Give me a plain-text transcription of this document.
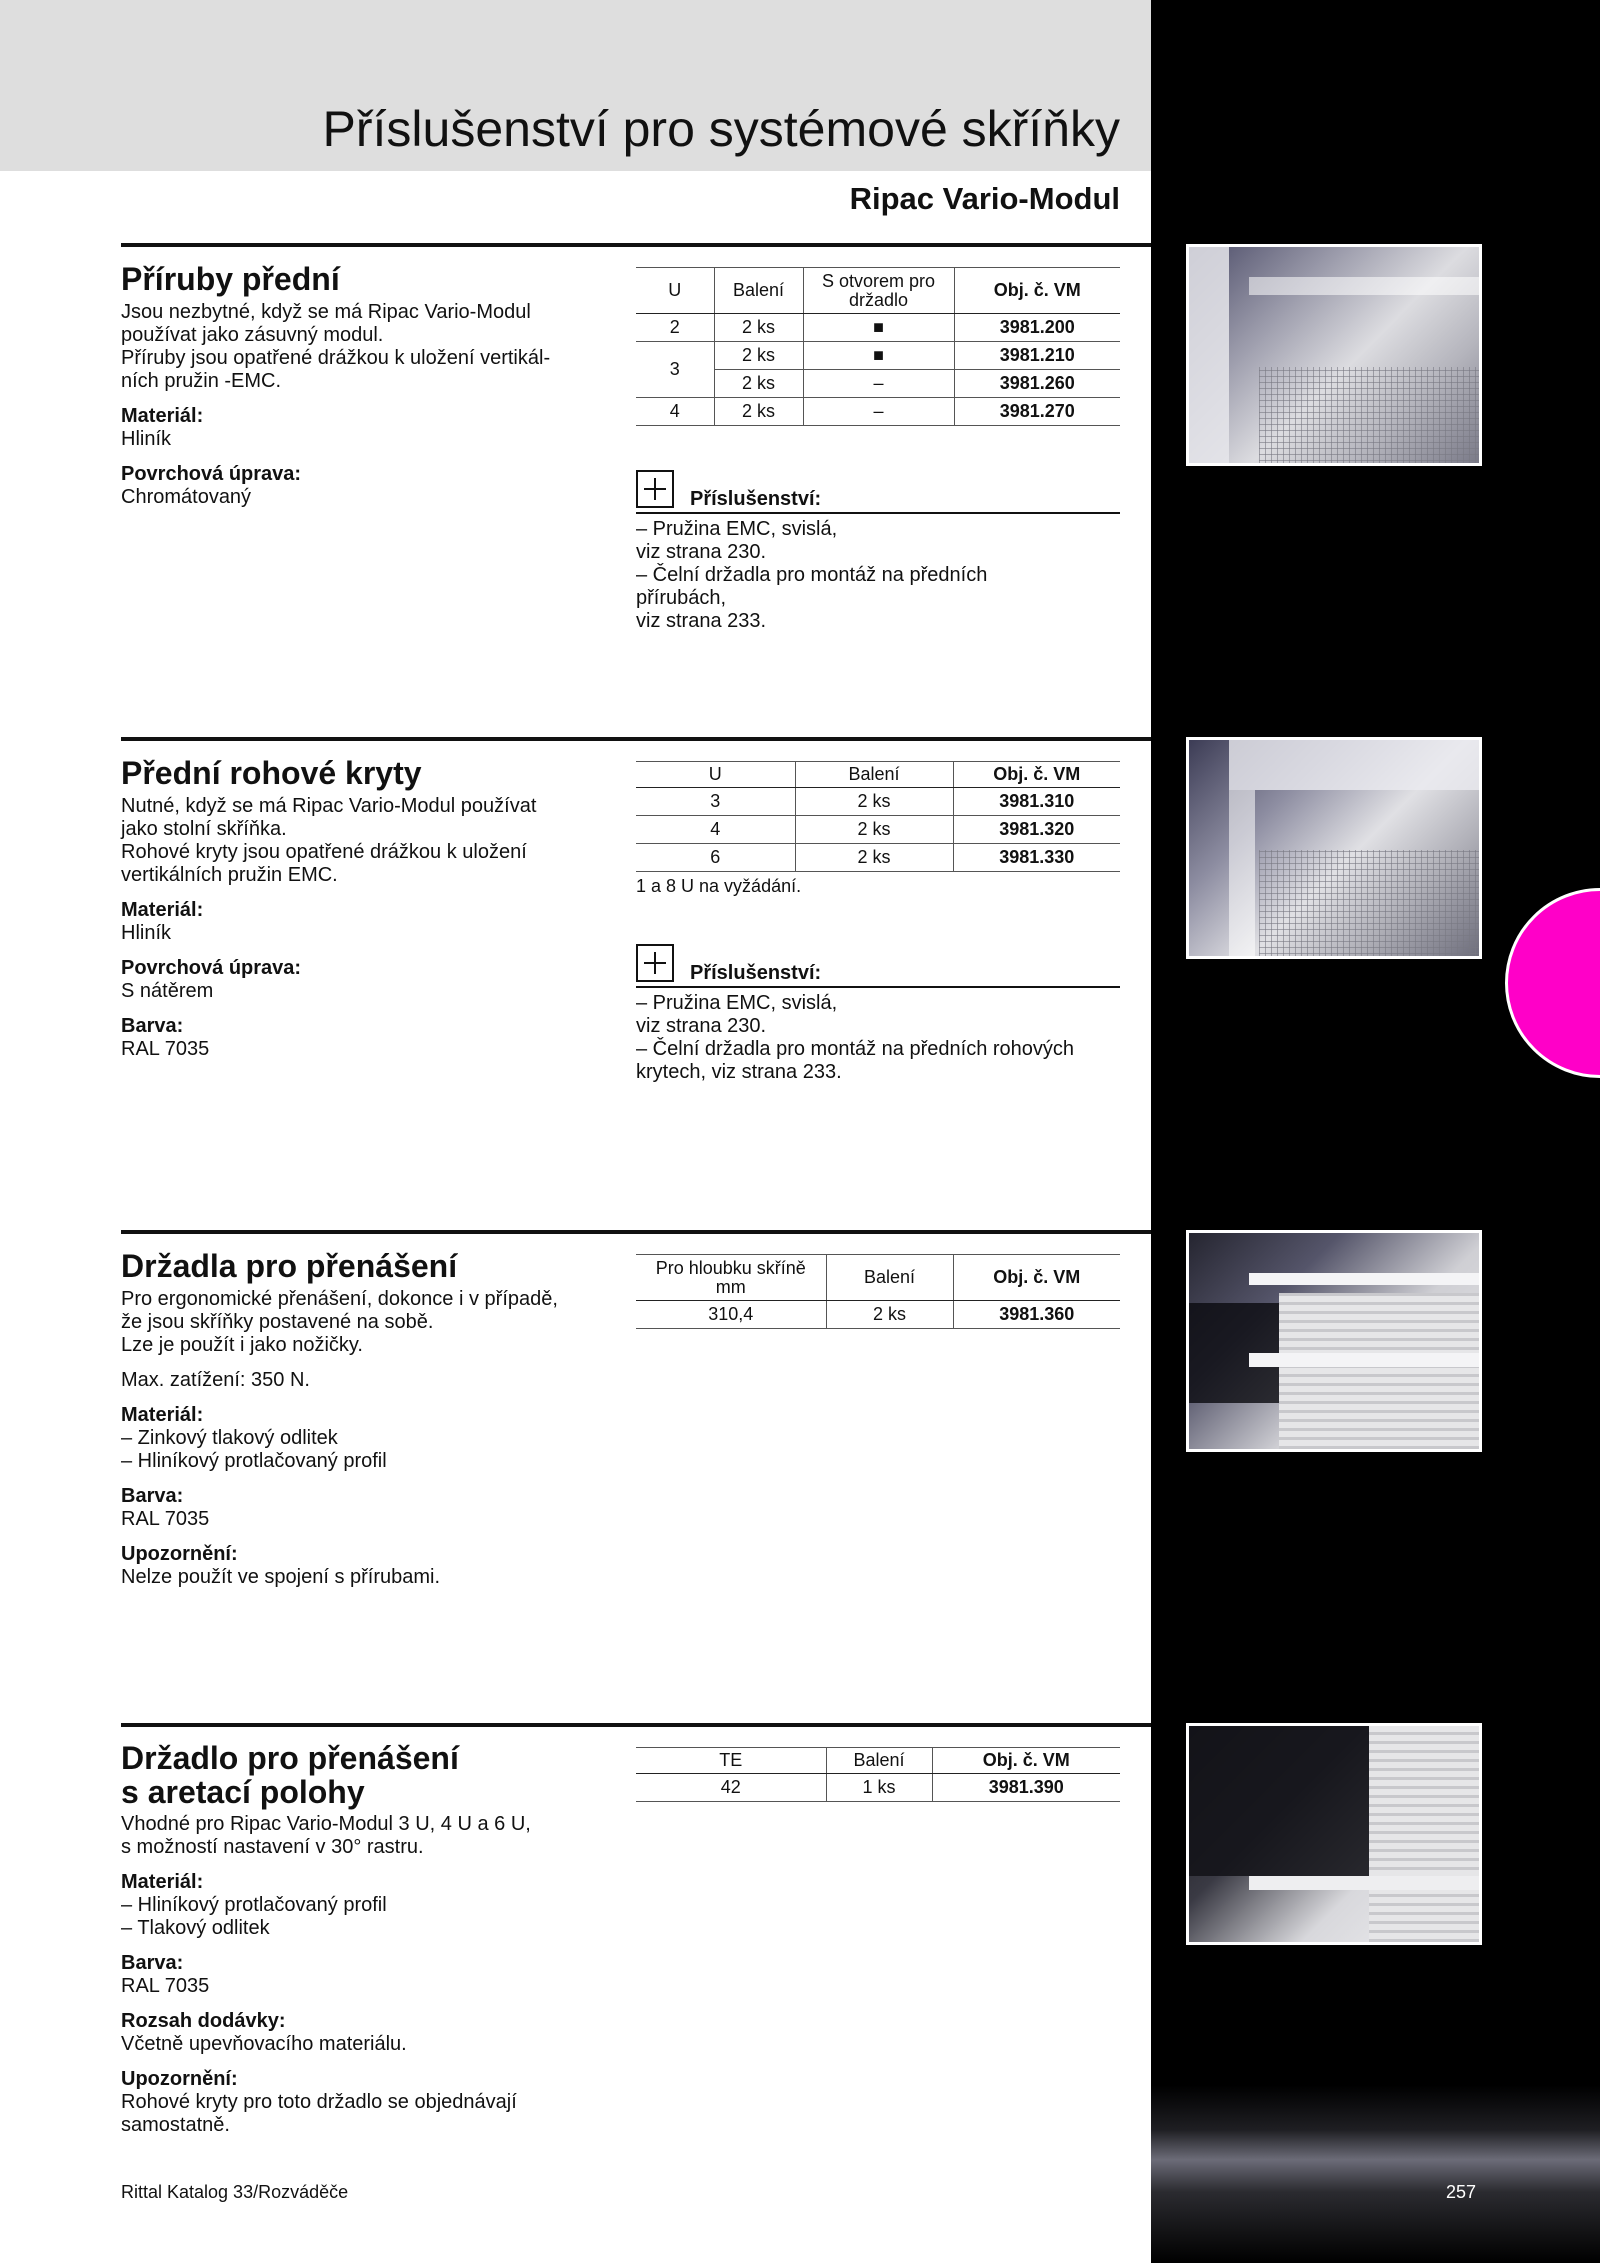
Příslušenství pro systémové skříňky
Ripac Vario-Modul
Příruby přední
Jsou nezbytné, když se má Ripac Vario-Modul
používat jako zásuvný modul.
Příruby jsou opatřené drážkou k uložení vertikál-
ních pružin -EMC.
Materiál:
Hliník
Povrchová úprava:
Chromátovaný
U	Balení	S otvorem pro držadlo	Obj. č. VM
2	2 ks	■	3981.200
3	2 ks	■	3981.210
	2 ks	–	3981.260
4	2 ks	–	3981.270
Příslušenství:
– Pružina EMC, svislá,
viz strana 230.
– Čelní držadla pro montáž na předních
přírubách,
viz strana 233.
Přední rohové kryty
Nutné, když se má Ripac Vario-Modul používat
jako stolní skříňka.
Rohové kryty jsou opatřené drážkou k uložení
vertikálních pružin EMC.
Materiál:
Hliník
Povrchová úprava:
S nátěrem
Barva:
RAL 7035
U	Balení	Obj. č. VM
3	2 ks	3981.310
4	2 ks	3981.320
6	2 ks	3981.330
1 a 8 U na vyžádání.
Příslušenství:
– Pružina EMC, svislá,
viz strana 230.
– Čelní držadla pro montáž na předních rohových
krytech, viz strana 233.
Držadla pro přenášení
Pro ergonomické přenášení, dokonce i v případě,
že jsou skříňky postavené na sobě.
Lze je použít i jako nožičky.
Max. zatížení: 350 N.
Materiál:
– Zinkový tlakový odlitek
– Hliníkový protlačovaný profil
Barva:
RAL 7035
Upozornění:
Nelze použít ve spojení s přírubami.
Pro hloubku skříně mm	Balení	Obj. č. VM
310,4	2 ks	3981.360
Držadlo pro přenášení
s aretací polohy
Vhodné pro Ripac Vario-Modul 3 U, 4 U a 6 U,
s možností nastavení v 30° rastru.
Materiál:
– Hliníkový protlačovaný profil
– Tlakový odlitek
Barva:
RAL 7035
Rozsah dodávky:
Včetně upevňovacího materiálu.
Upozornění:
Rohové kryty pro toto držadlo se objednávají
samostatně.
TE	Balení	Obj. č. VM
42	1 ks	3981.390
Rittal Katalog 33/Rozváděče	257
